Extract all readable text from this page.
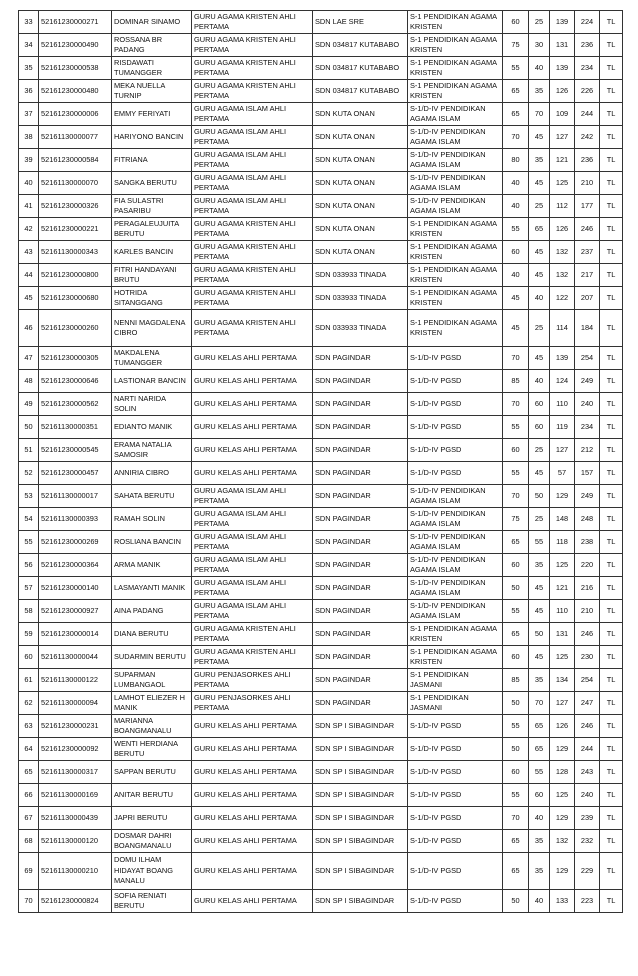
33	52161230000271	DOMINAR SINAMO	GURU AGAMA KRISTEN AHLI PERTAMA	SDN LAE SRE	S-1 PENDIDIKAN AGAMA KRISTEN	60	25	139	224	TL
34	52161230000490	ROSSANA BR PADANG	GURU AGAMA KRISTEN AHLI PERTAMA	SDN 034817 KUTABABO	S-1 PENDIDIKAN AGAMA KRISTEN	75	30	131	236	TL
35	52161230000538	RISDAWATI TUMANGGER	GURU AGAMA KRISTEN AHLI PERTAMA	SDN 034817 KUTABABO	S-1 PENDIDIKAN AGAMA KRISTEN	55	40	139	234	TL
36	52161230000480	MEKA NUELLA TURNIP	GURU AGAMA KRISTEN AHLI PERTAMA	SDN 034817 KUTABABO	S-1 PENDIDIKAN AGAMA KRISTEN	65	35	126	226	TL
37	52161230000006	EMMY FERIYATI	GURU AGAMA ISLAM AHLI PERTAMA	SDN KUTA ONAN	S-1/D-IV PENDIDIKAN AGAMA ISLAM	65	70	109	244	TL
38	52161130000077	HARIYONO BANCIN	GURU AGAMA ISLAM AHLI PERTAMA	SDN KUTA ONAN	S-1/D-IV PENDIDIKAN AGAMA ISLAM	70	45	127	242	TL
39	52161230000584	FITRIANA	GURU AGAMA ISLAM AHLI PERTAMA	SDN KUTA ONAN	S-1/D-IV PENDIDIKAN AGAMA ISLAM	80	35	121	236	TL
40	52161130000070	SANGKA BERUTU	GURU AGAMA ISLAM AHLI PERTAMA	SDN KUTA ONAN	S-1/D-IV PENDIDIKAN AGAMA ISLAM	40	45	125	210	TL
41	52161230000326	FIA SULASTRI PASARIBU	GURU AGAMA ISLAM AHLI PERTAMA	SDN KUTA ONAN	S-1/D-IV PENDIDIKAN AGAMA ISLAM	40	25	112	177	TL
42	52161230000221	PERAGALEUJUITA BERUTU	GURU AGAMA KRISTEN AHLI PERTAMA	SDN KUTA ONAN	S-1 PENDIDIKAN AGAMA KRISTEN	55	65	126	246	TL
43	52161130000343	KARLES BANCIN	GURU AGAMA KRISTEN AHLI PERTAMA	SDN KUTA ONAN	S-1 PENDIDIKAN AGAMA KRISTEN	60	45	132	237	TL
44	52161230000800	FITRI HANDAYANI BRUTU	GURU AGAMA KRISTEN AHLI PERTAMA	SDN 033933 TINADA	S-1 PENDIDIKAN AGAMA KRISTEN	40	45	132	217	TL
45	52161230000680	HOTRIDA SITANGGANG	GURU AGAMA KRISTEN AHLI PERTAMA	SDN 033933 TINADA	S-1 PENDIDIKAN AGAMA KRISTEN	45	40	122	207	TL
46	52161230000260	NENNI MAGDALENA CIBRO	GURU AGAMA KRISTEN AHLI PERTAMA	SDN 033933 TINADA	S-1 PENDIDIKAN AGAMA KRISTEN	45	25	114	184	TL
47	52161230000305	MAKDALENA TUMANGGER	GURU KELAS AHLI PERTAMA	SDN PAGINDAR	S-1/D-IV PGSD	70	45	139	254	TL
48	52161230000646	LASTIONAR BANCIN	GURU KELAS AHLI PERTAMA	SDN PAGINDAR	S-1/D-IV PGSD	85	40	124	249	TL
49	52161230000562	NARTI NARIDA SOLIN	GURU KELAS AHLI PERTAMA	SDN PAGINDAR	S-1/D-IV PGSD	70	60	110	240	TL
50	52161130000351	EDIANTO MANIK	GURU KELAS AHLI PERTAMA	SDN PAGINDAR	S-1/D-IV PGSD	55	60	119	234	TL
51	52161230000545	ERAMA NATALIA SAMOSIR	GURU KELAS AHLI PERTAMA	SDN PAGINDAR	S-1/D-IV PGSD	60	25	127	212	TL
52	52161230000457	ANNIRIA CIBRO	GURU KELAS AHLI PERTAMA	SDN PAGINDAR	S-1/D-IV PGSD	55	45	57	157	TL
53	52161130000017	SAHATA BERUTU	GURU AGAMA ISLAM AHLI PERTAMA	SDN PAGINDAR	S-1/D-IV PENDIDIKAN AGAMA ISLAM	70	50	129	249	TL
54	52161130000393	RAMAH SOLIN	GURU AGAMA ISLAM AHLI PERTAMA	SDN PAGINDAR	S-1/D-IV PENDIDIKAN AGAMA ISLAM	75	25	148	248	TL
55	52161230000269	ROSLIANA BANCIN	GURU AGAMA ISLAM AHLI PERTAMA	SDN PAGINDAR	S-1/D-IV PENDIDIKAN AGAMA ISLAM	65	55	118	238	TL
56	52161230000364	ARMA MANIK	GURU AGAMA ISLAM AHLI PERTAMA	SDN PAGINDAR	S-1/D-IV PENDIDIKAN AGAMA ISLAM	60	35	125	220	TL
57	52161230000140	LASMAYANTI MANIK	GURU AGAMA ISLAM AHLI PERTAMA	SDN PAGINDAR	S-1/D-IV PENDIDIKAN AGAMA ISLAM	50	45	121	216	TL
58	52161230000927	AINA PADANG	GURU AGAMA ISLAM AHLI PERTAMA	SDN PAGINDAR	S-1/D-IV PENDIDIKAN AGAMA ISLAM	55	45	110	210	TL
59	52161230000014	DIANA BERUTU	GURU AGAMA KRISTEN AHLI PERTAMA	SDN PAGINDAR	S-1 PENDIDIKAN AGAMA KRISTEN	65	50	131	246	TL
60	52161130000044	SUDARMIN BERUTU	GURU AGAMA KRISTEN AHLI PERTAMA	SDN PAGINDAR	S-1 PENDIDIKAN AGAMA KRISTEN	60	45	125	230	TL
61	52161130000122	SUPARMAN LUMBANGAOL	GURU PENJASORKES AHLI PERTAMA	SDN PAGINDAR	S-1 PENDIDIKAN JASMANI	85	35	134	254	TL
62	52161130000094	LAMHOT ELIEZER H MANIK	GURU PENJASORKES AHLI PERTAMA	SDN PAGINDAR	S-1 PENDIDIKAN JASMANI	50	70	127	247	TL
63	52161230000231	MARIANNA BOANGMANALU	GURU KELAS AHLI PERTAMA	SDN SP I SIBAGINDAR	S-1/D-IV PGSD	55	65	126	246	TL
64	52161230000092	WENTI HERDIANA BERUTU	GURU KELAS AHLI PERTAMA	SDN SP I SIBAGINDAR	S-1/D-IV PGSD	50	65	129	244	TL
65	52161130000317	SAPPAN BERUTU	GURU KELAS AHLI PERTAMA	SDN SP I SIBAGINDAR	S-1/D-IV PGSD	60	55	128	243	TL
66	52161130000169	ANITAR BERUTU	GURU KELAS AHLI PERTAMA	SDN SP I SIBAGINDAR	S-1/D-IV PGSD	55	60	125	240	TL
67	52161130000439	JAPRI BERUTU	GURU KELAS AHLI PERTAMA	SDN SP I SIBAGINDAR	S-1/D-IV PGSD	70	40	129	239	TL
68	52161130000120	DOSMAR DAHRI BOANGMANALU	GURU KELAS AHLI PERTAMA	SDN SP I SIBAGINDAR	S-1/D-IV PGSD	65	35	132	232	TL
69	52161130000210	DOMU ILHAM HIDAYAT BOANG MANALU	GURU KELAS AHLI PERTAMA	SDN SP I SIBAGINDAR	S-1/D-IV PGSD	65	35	129	229	TL
70	52161230000824	SOFIA RENIATI BERUTU	GURU KELAS AHLI PERTAMA	SDN SP I SIBAGINDAR	S-1/D-IV PGSD	50	40	133	223	TL
